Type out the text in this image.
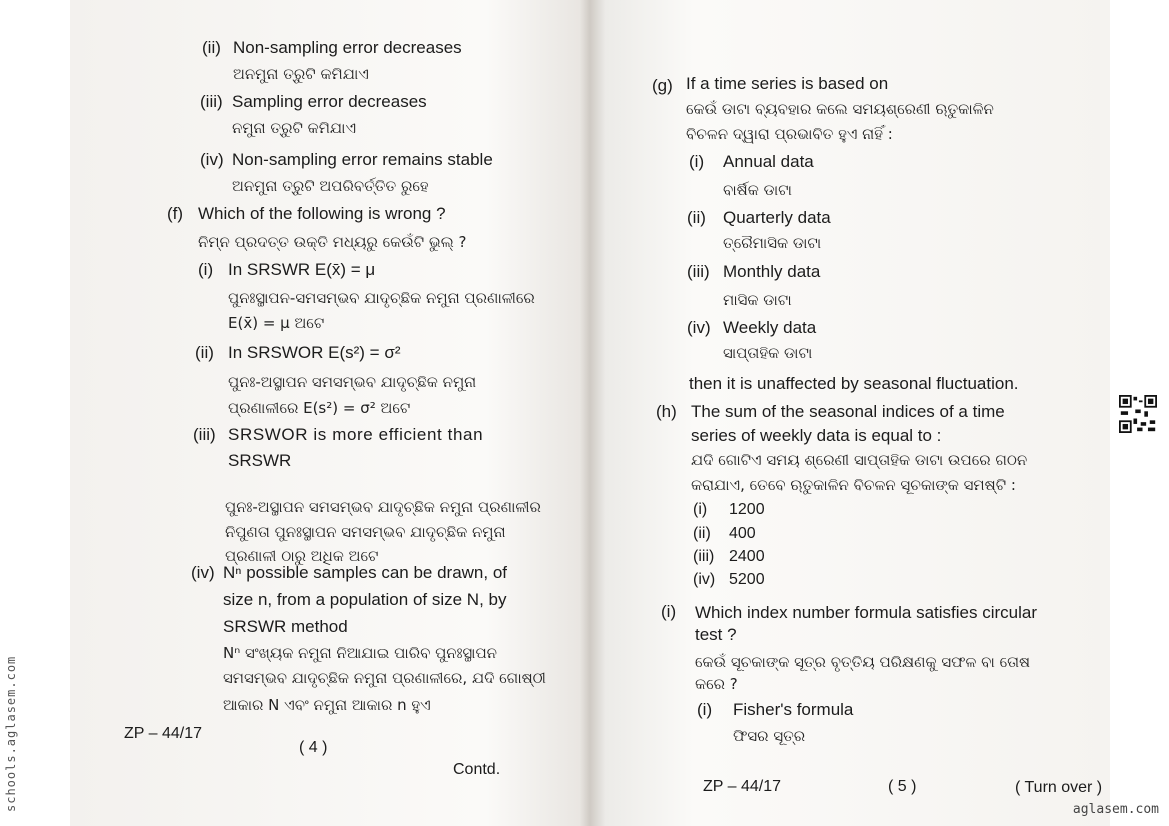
(ii) Non-sampling error decreases
ଅନମୁନା ତ୍ରୁଟି କମିଯାଏ
(iii) Sampling error decreases
ନମୁନା ତ୍ରୁଟି କମିଯାଏ
(iv) Non-sampling error remains stable
ଅନମୁନା ତ୍ରୁଟି ଅପରିବର୍ତ୍ତିତ ରୁହେ
(f) Which of the following is wrong ?
ନିମ୍ନ ପ୍ରଦତ୍ତ ଉକ୍ତି ମଧ୍ୟରୁ କେଉଁଟି ଭୁଲ୍ ?
(i) In SRSWR E(x̄) = μ
ପୁନଃସ୍ଥାପନ-ସମସମ୍ଭବ ଯାଦୃଚ୍ଛିକ ନମୁନା ପ୍ରଣାଳୀରେ
E(x̄) = μ ଅଟେ
(ii) In SRSWOR E(s²) = σ²
ପୁନଃ-ଅସ୍ଥାପନ ସମସମ୍ଭବ ଯାଦୃଚ୍ଛିକ ନମୁନା
ପ୍ରଣାଳୀରେ E(s²) = σ² ଅଟେ
(iii) SRSWOR is more efficient than
SRSWR
ପୁନଃ-ଅସ୍ଥାପନ ସମସମ୍ଭବ ଯାଦୃଚ୍ଛିକ ନମୁନା ପ୍ରଣାଳୀର
ନିପୁଣତା ପୁନଃସ୍ଥାପନ ସମସମ୍ଭବ ଯାଦୃଚ୍ଛିକ ନମୁନା
ପ୍ରଣାଳୀ ଠାରୁ ଅଧିକ ଅଟେ
(iv) Nⁿ possible samples can be drawn, of
size n, from a population of size N, by
SRSWR method
Nⁿ ସଂଖ୍ୟକ ନମୁନା ନିଆଯାଇ ପାରିବ ପୁନଃସ୍ଥାପନ
ସମସମ୍ଭବ ଯାଦୃଚ୍ଛିକ ନମୁନା ପ୍ରଣାଳୀରେ, ଯଦି ଗୋଷ୍ଠୀ
ଆକାର N ଏବଂ ନମୁନା ଆକାର n ହୁଏ
ZP – 44/17
( 4 )
Contd.
(g) If a time series is based on
କେଉଁ ଡାଟା ବ୍ୟବହାର କଲେ ସମୟଶ୍ରେଣୀ ଋତୁକାଳିନ
ବିଚଳନ ଦ୍ୱାରା ପ୍ରଭାବିତ ହୁଏ ନାହିଁ :
(i) Annual data
ବାର୍ଷିକ ଡାଟା
(ii) Quarterly data
ତ୍ରୈମାସିକ ଡାଟା
(iii) Monthly data
ମାସିକ ଡାଟା
(iv) Weekly data
ସାପ୍ତାହିକ ଡାଟା
then it is unaffected by seasonal fluctuation.
(h) The sum of the seasonal indices of a time
series of weekly data is equal to :
ଯଦି ଗୋଟିଏ ସମୟ ଶ୍ରେଣୀ ସାପ୍ତାହିକ ଡାଟା ଉପରେ ଗଠନ
କରାଯାଏ, ତେବେ ଋତୁକାଳିନ ବିଚଳନ ସୂଚକାଙ୍କ ସମଷ୍ଟି :
(i) 1200
(ii) 400
(iii) 2400
(iv) 5200
(i) Which index number formula satisfies circular
test ?
କେଉଁ ସୂଚକାଙ୍କ ସୂତ୍ର ବୃତ୍ତିୟ ପରିକ୍ଷଣକୁ ସଫଳ ବା ତୋଷ
କରେ ?
(i) Fisher's formula
ଫିସର ସୂତ୍ର
ZP – 44/17	( 5 )	( Turn over )
schools.aglasem.com	aglasem.com
